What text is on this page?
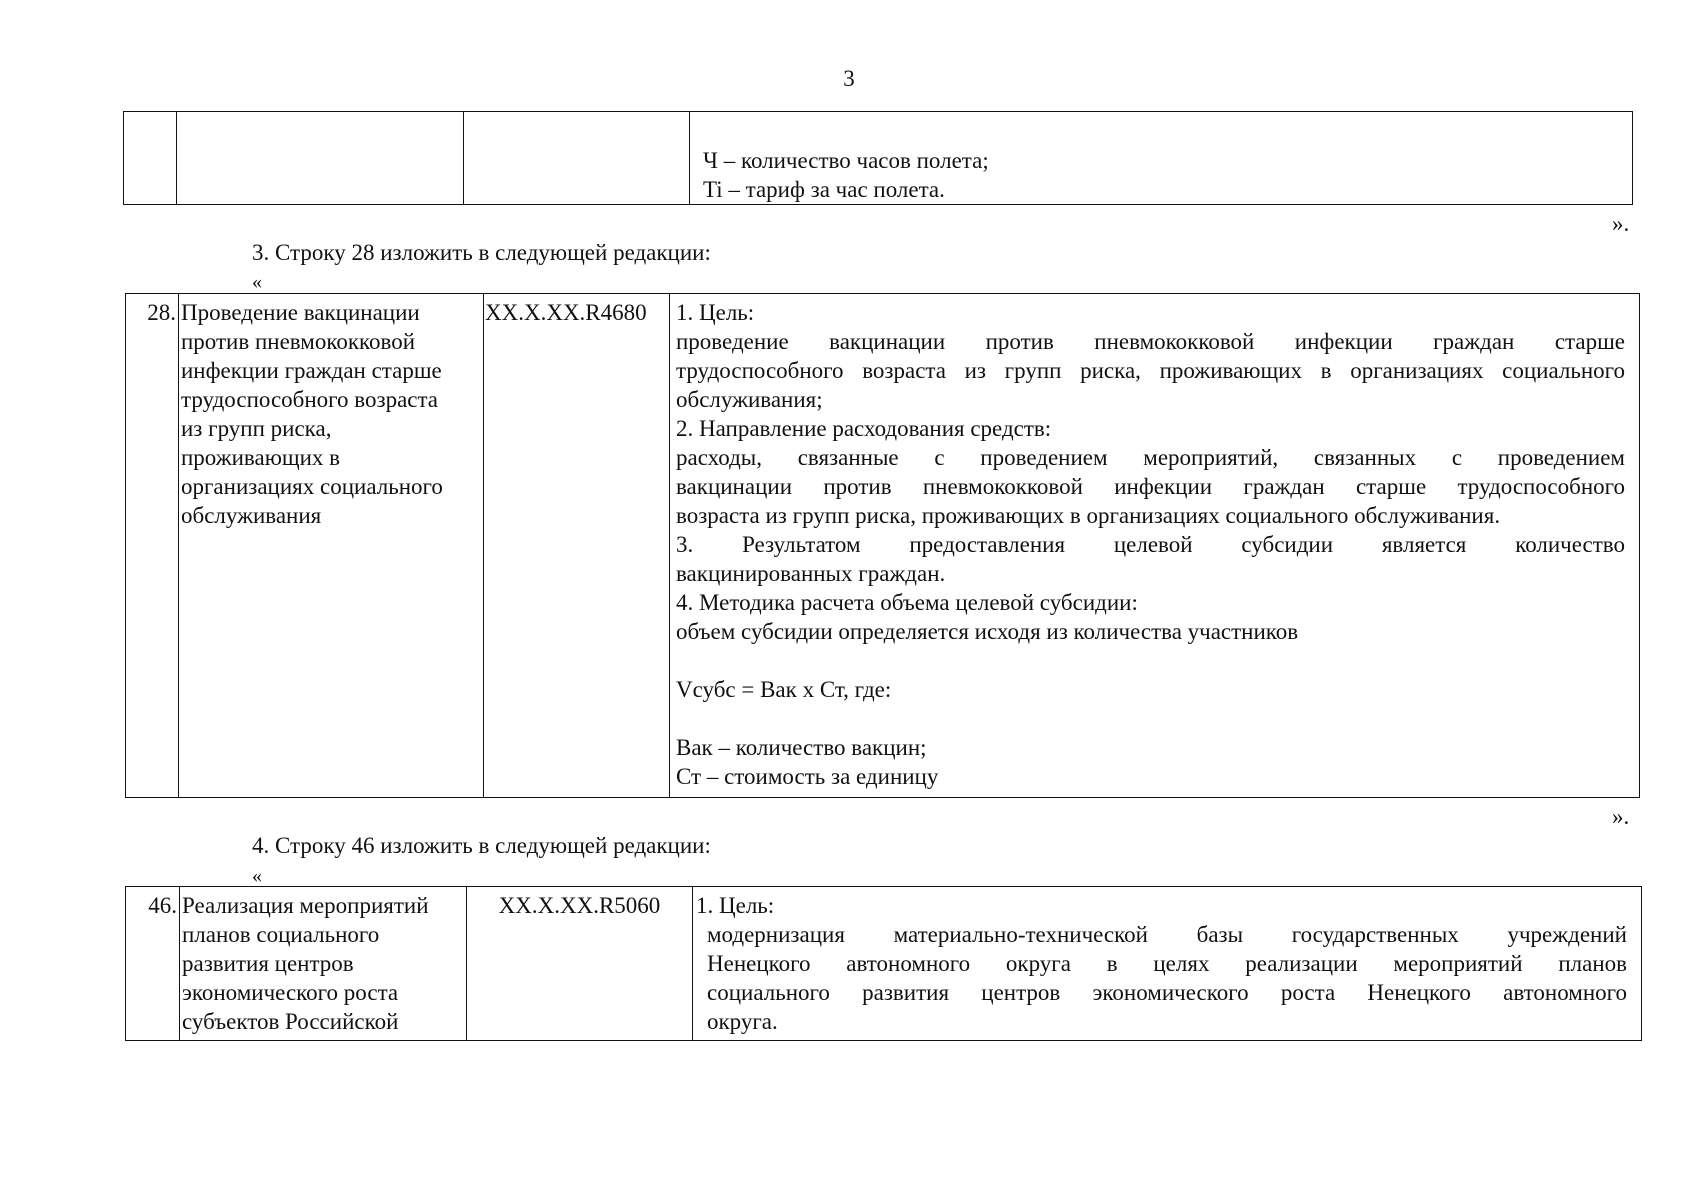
3

Ч – количество часов полета;
Ti – тариф за час полета.
».
3. Строку 28 изложить в следующей редакции:
«
28.	Проведение вакцинации
против пневмококковой
инфекции граждан старше
трудоспособного возраста
из групп риска,
проживающих в
организациях социального
обслуживания
	XX.X.XX.R4680	1. Цель:
проведение вакцинации против пневмококковой инфекции граждан старше
трудоспособного возраста из групп риска, проживающих в организациях социального
обслуживания;
2. Направление расходования средств:
расходы, связанные с проведением мероприятий, связанных с проведением
вакцинации против пневмококковой инфекции граждан старше трудоспособного
возраста из групп риска, проживающих в организациях социального обслуживания.
3. Результатом предоставления целевой субсидии является количество
вакцинированных граждан.
4. Методика расчета объема целевой субсидии:
объем субсидии определяется исходя из количества участников
Vсубс = Вак x Ст, где:
Вак – количество вакцин;
Ст – стоимость за единицу
».
4. Строку 46 изложить в следующей редакции:
«
46.	Реализация мероприятий
планов социального
развития центров
экономического роста
субъектов Российской
	XX.X.XX.R5060	1. Цель:
модернизация материально-технической базы государственных учреждений
Ненецкого автономного округа в целях реализации мероприятий планов
социального развития центров экономического роста Ненецкого автономного
округа.
